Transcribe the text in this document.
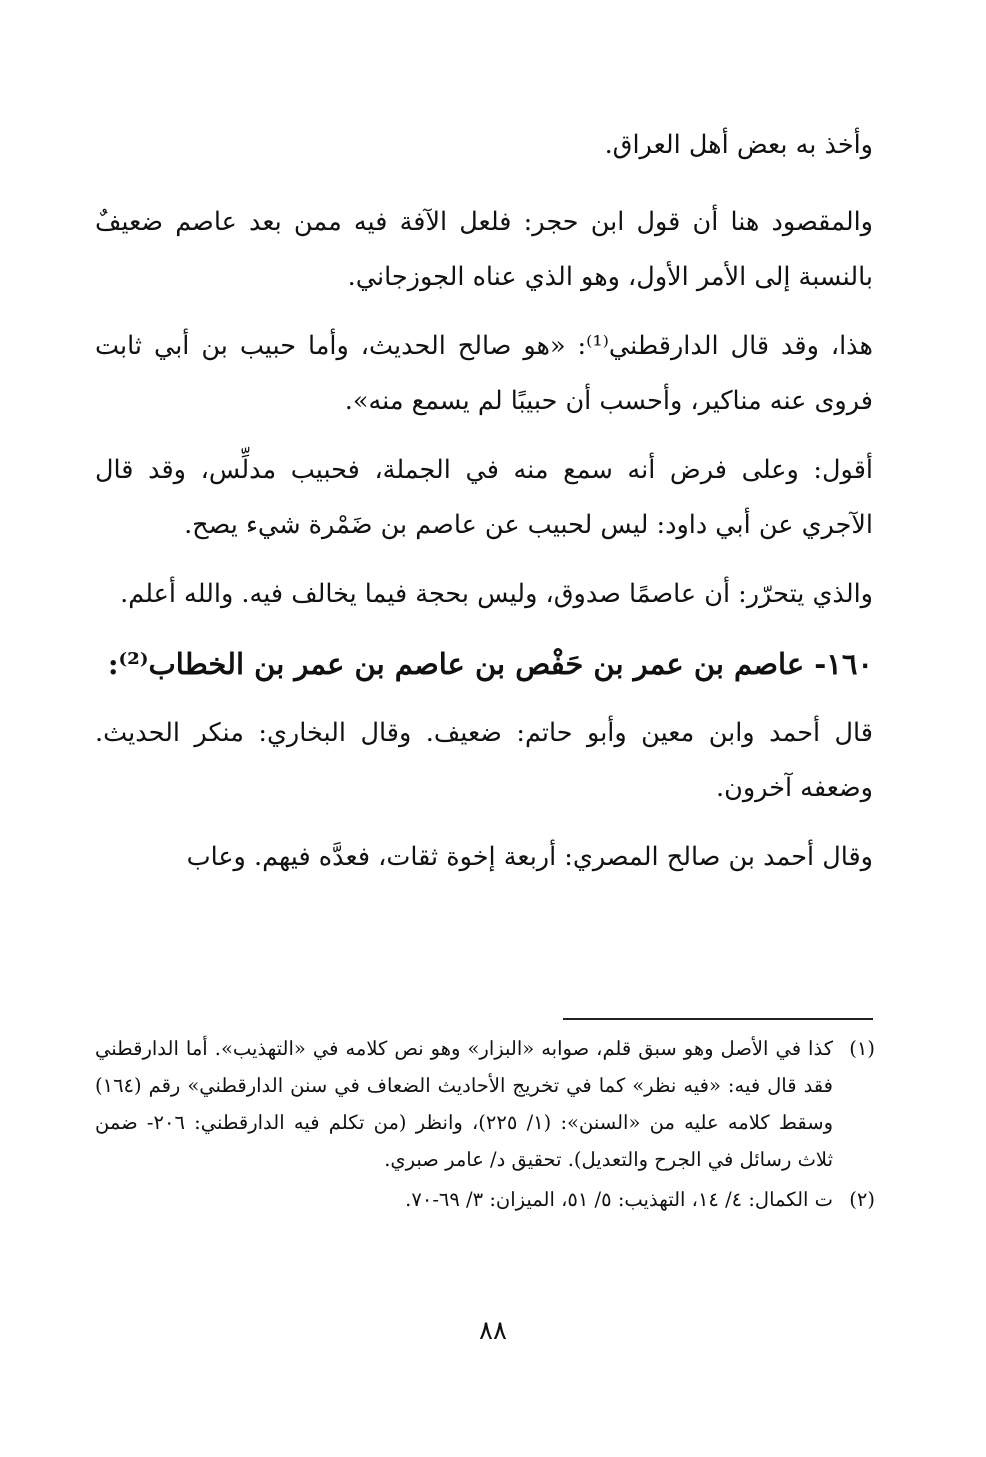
وأخذ به بعض أهل العراق.

والمقصود هنا أن قول ابن حجر: فلعل الآفة فيه ممن بعد عاصم ضعيفٌ بالنسبة إلى الأمر الأول، وهو الذي عناه الجوزجاني.

هذا، وقد قال الدارقطني⁽¹⁾: «هو صالح الحديث، وأما حبيب بن أبي ثابت فروى عنه مناكير، وأحسب أن حبيبًا لم يسمع منه».

أقول: وعلى فرض أنه سمع منه في الجملة، فحبيب مدلِّس، وقد قال الآجري عن أبي داود: ليس لحبيب عن عاصم بن ضَمْرة شيء يصح.

والذي يتحرّر: أن عاصمًا صدوق، وليس بحجة فيما يخالف فيه. والله أعلم.

١٦٠- عاصم بن عمر بن حَفْص بن عاصم بن عمر بن الخطاب⁽²⁾:

قال أحمد وابن معين وأبو حاتم: ضعيف. وقال البخاري: منكر الحديث. وضعفه آخرون.

وقال أحمد بن صالح المصري: أربعة إخوة ثقات، فعدَّه فيهم. وعاب

(١)
كذا في الأصل وهو سبق قلم، صوابه «البزار» وهو نص كلامه في «التهذيب». أما الدارقطني فقد قال فيه: «فيه نظر» كما في تخريج الأحاديث الضعاف في سنن الدارقطني» رقم (١٦٤) وسقط كلامه عليه من «السنن»: (١/ ٢٢٥)، وانظر (من تكلم فيه الدارقطني: ٢٠٦- ضمن ثلاث رسائل في الجرح والتعديل). تحقيق د/ عامر صبري.
(٢)
ت الكمال: ٤/ ١٤، التهذيب: ٥/ ٥١، الميزان: ٣/ ٦٩-٧٠.
٨٨
